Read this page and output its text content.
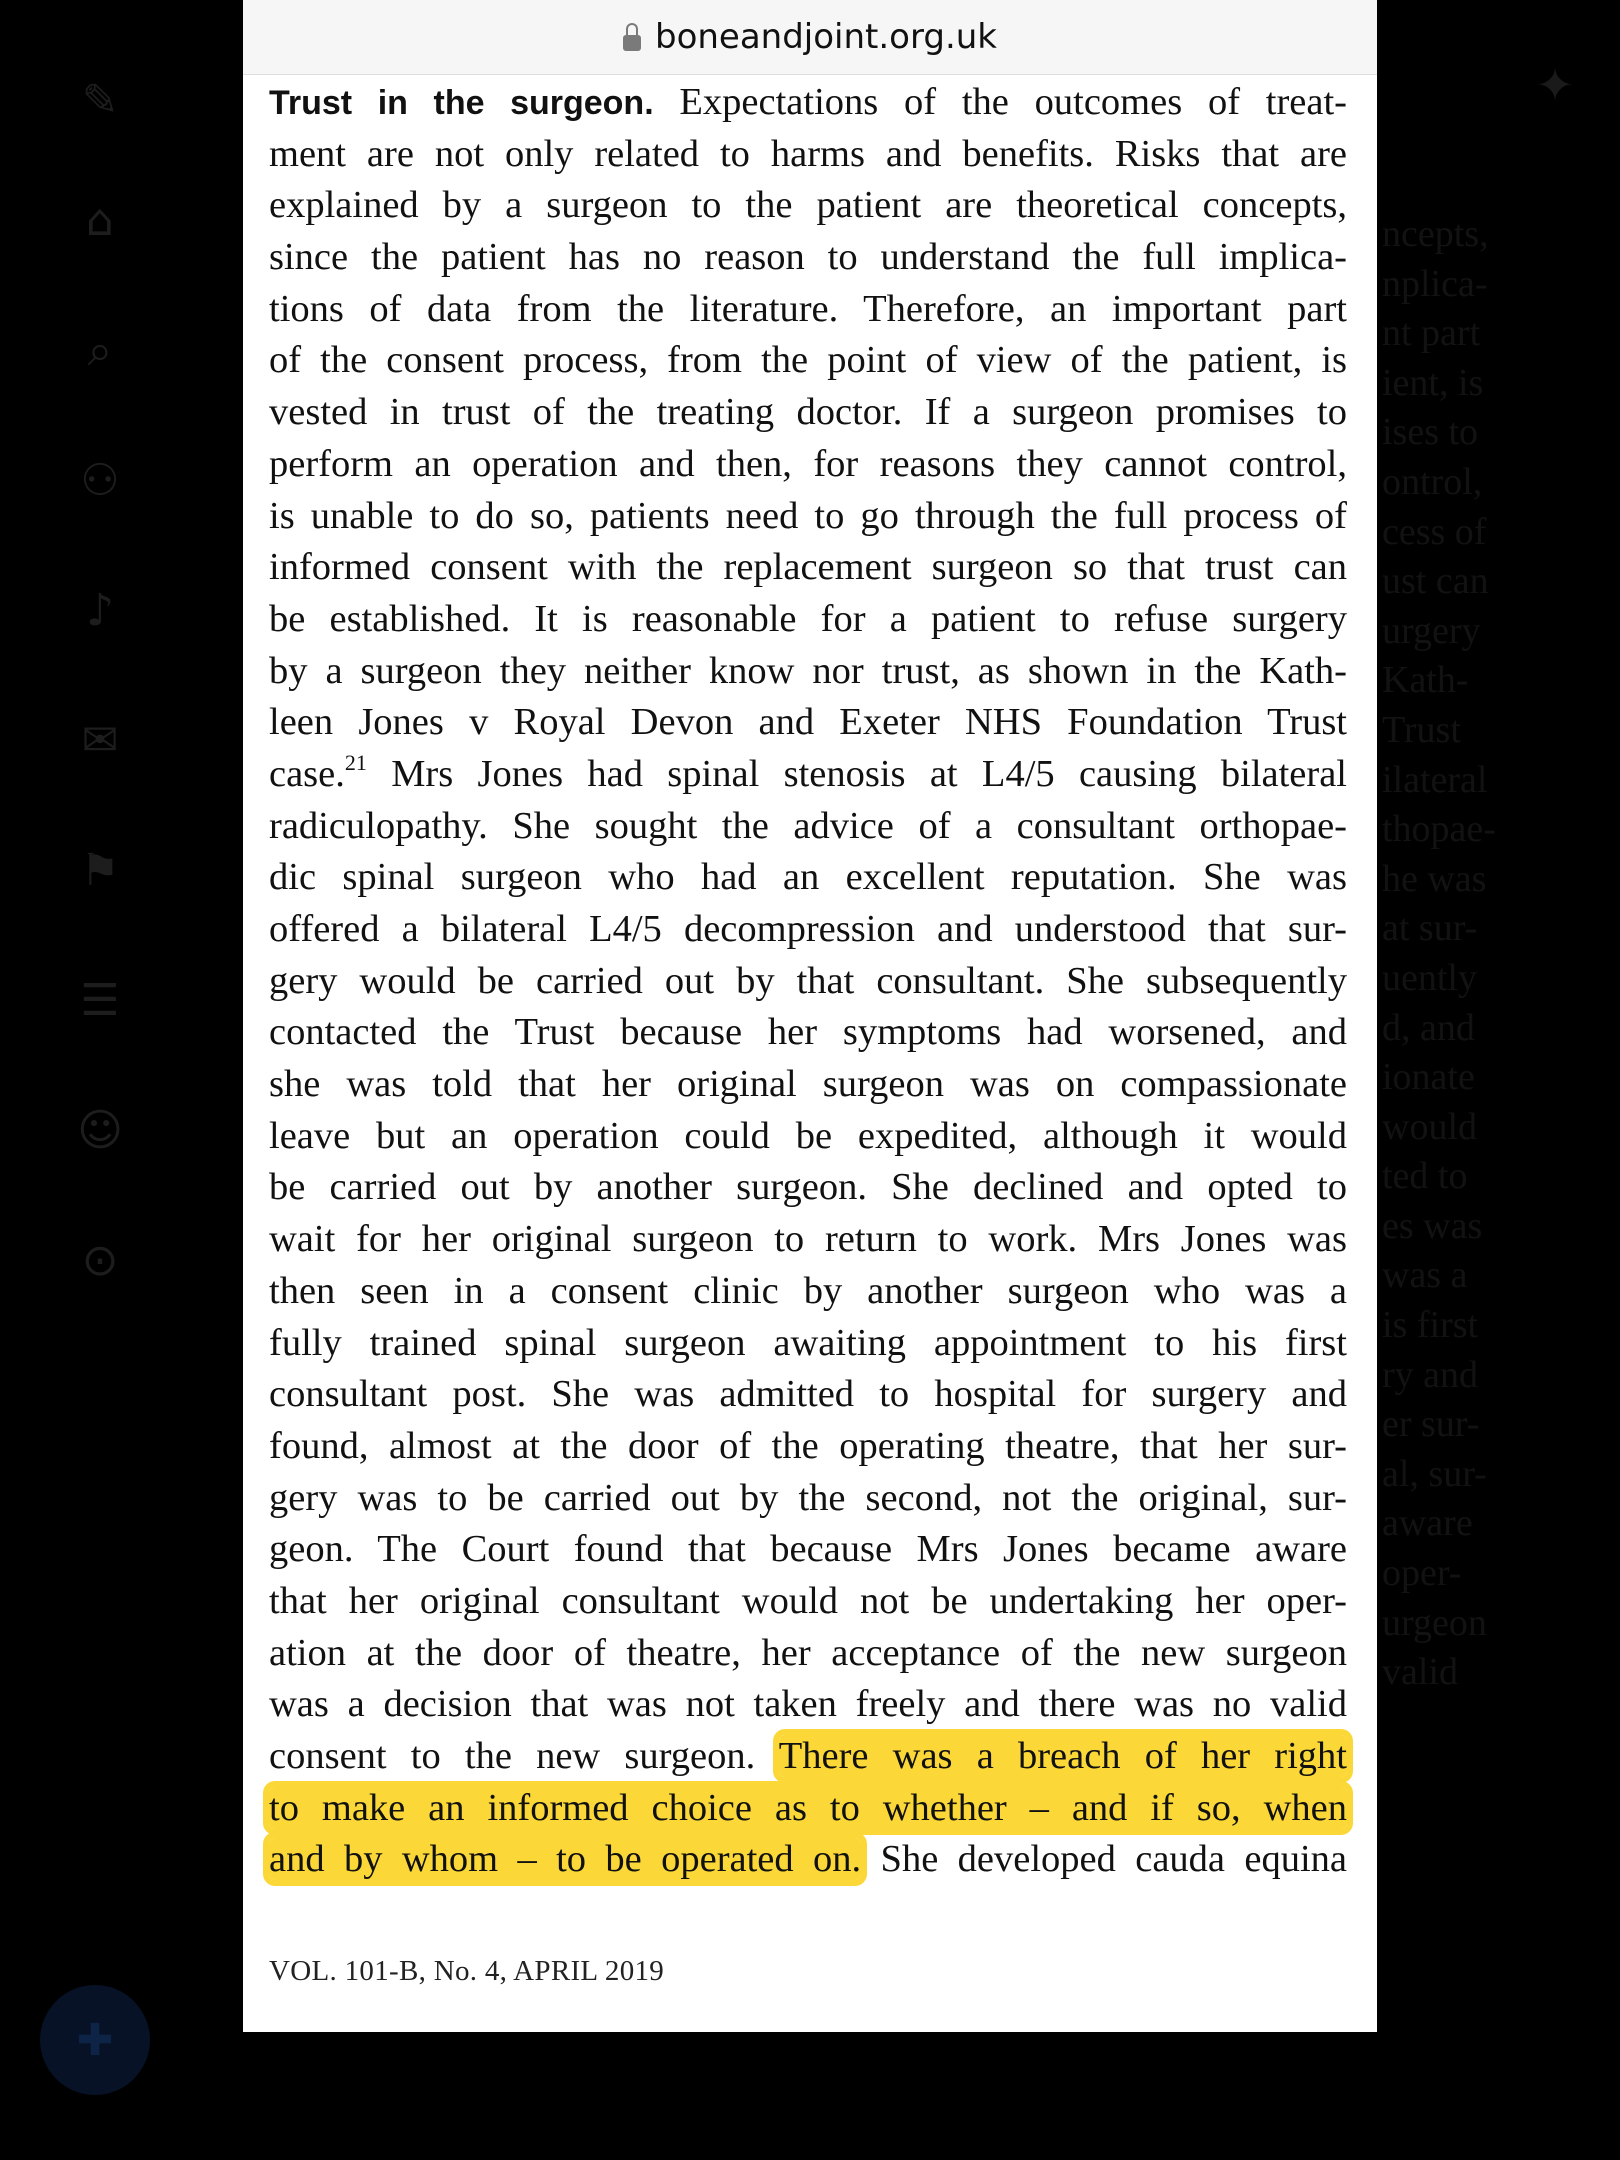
✎
⌂
⌕
⚇
♪
✉
⚑
☰
☺
⊙
✦
ncepts,
nplica-
nt part
ient, is
ises to
ontrol,
cess of
ust can
urgery
Kath-
Trust
ilateral
thopae-
he was
at sur-
uently
d, and
ionate
would
ted to
es was
was a
is first
ry and
er sur-
al, sur-
aware
oper-
urgeon
valid
✚
boneandjoint.org.uk
Trust in the surgeon. Expectations of the outcomes of treat-
ment are not only related to harms and benefits. Risks that are
explained by a surgeon to the patient are theoretical concepts,
since the patient has no reason to understand the full implica-
tions of data from the literature. Therefore, an important part
of the consent process, from the point of view of the patient, is
vested in trust of the treating doctor. If a surgeon promises to
perform an operation and then, for reasons they cannot control,
is unable to do so, patients need to go through the full process of
informed consent with the replacement surgeon so that trust can
be established. It is reasonable for a patient to refuse surgery
by a surgeon they neither know nor trust, as shown in the Kath-
leen Jones v Royal Devon and Exeter NHS Foundation Trust
case.$^{21}$ Mrs Jones had spinal stenosis at L4/5 causing bilateral
radiculopathy. She sought the advice of a consultant orthopae-
dic spinal surgeon who had an excellent reputation. She was
offered a bilateral L4/5 decompression and understood that sur-
gery would be carried out by that consultant. She subsequently
contacted the Trust because her symptoms had worsened, and
she was told that her original surgeon was on compassionate
leave but an operation could be expedited, although it would
be carried out by another surgeon. She declined and opted to
wait for her original surgeon to return to work. Mrs Jones was
then seen in a consent clinic by another surgeon who was a
fully trained spinal surgeon awaiting appointment to his first
consultant post. She was admitted to hospital for surgery and
found, almost at the door of the operating theatre, that her sur-
gery was to be carried out by the second, not the original, sur-
geon. The Court found that because Mrs Jones became aware
that her original consultant would not be undertaking her oper-
ation at the door of theatre, her acceptance of the new surgeon
was a decision that was not taken freely and there was no valid
consent to the new surgeon. There was a breach of her right
to make an informed choice as to whether – and if so, when
and by whom – to be operated on. She developed cauda equina
VOL. 101-B, No. 4, APRIL 2019
